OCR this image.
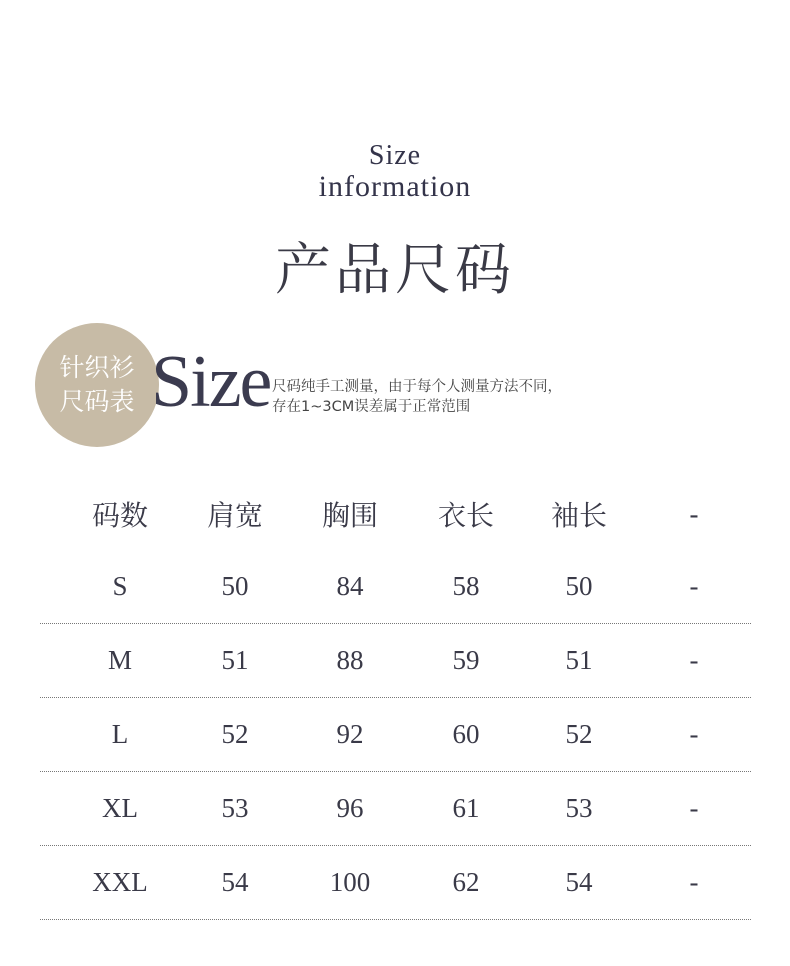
Size
information
产品尺码
针织衫
尺码表 Size 尺码纯手工测量，由于每个人测量方法不同，
存在1~3CM误差属于正常范围
码数	肩宽	胸围	衣长	袖长	-
S	50	84	58	50	-
M	51	88	59	51	-
L	52	92	60	52	-
XL	53	96	61	53	-
XXL	54	100	62	54	-
